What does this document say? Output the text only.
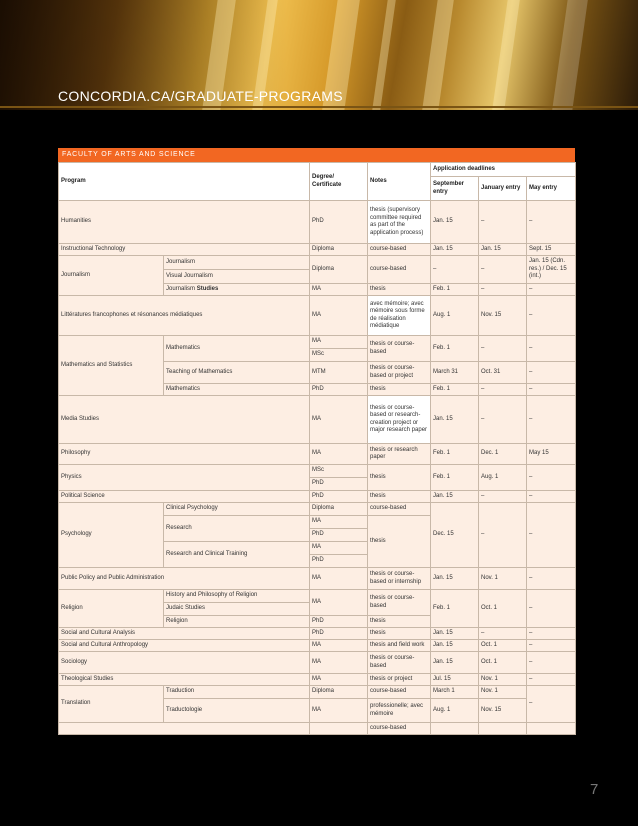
CONCORDIA.CA/GRADUATE-PROGRAMS
FACULTY OF ARTS AND SCIENCE
Program		Degree/ Certificate	Notes	Application deadlines		
				September entry	January entry	May entry
Humanities		PhD	thesis (supervisory committee required as part of the application process)	Jan. 15	–	–
Instructional Technology		Diploma	course-based	Jan. 15	Jan. 15	Sept. 15
Journalism	Journalism	Diploma	course-based	–	–	Jan. 15 (Cdn. res.) / Dec. 15 (int.)
	Visual Journalism					
	Journalism Studies	MA	thesis	Feb. 1	–	–
Littératures francophones et résonances médiatiques		MA	avec mémoire; avec mémoire sous forme de réalisation médiatique	Aug. 1	Nov. 15	–
Mathematics and Statistics	Mathematics	MA	thesis or course-based	Feb. 1	–	–
		MSc				
	Teaching of Mathematics	MTM	thesis or course-based or project	March 31	Oct. 31	–
	Mathematics	PhD	thesis	Feb. 1	–	–
Media Studies		MA	thesis or course-based or research-creation project or major research paper	Jan. 15	–	–
Philosophy		MA	thesis or research paper	Feb. 1	Dec. 1	May 15
Physics		MSc	thesis	Feb. 1	Aug. 1	–
		PhD				
Political Science		PhD	thesis	Jan. 15	–	–
Psychology	Clinical Psychology	Diploma	course-based	Dec. 15	–	–
	Research	MA	thesis			
		PhD				
	Research and Clinical Training	MA				
		PhD				
Public Policy and Public Administration		MA	thesis or course-based or internship	Jan. 15	Nov. 1	–
Religion	History and Philosophy of Religion	MA	thesis or course-based	Feb. 1	Oct. 1	–
	Judaic Studies					
	Religion	PhD	thesis			
Social and Cultural Analysis		PhD	thesis	Jan. 15	–	–
Social and Cultural Anthropology		MA	thesis and field work	Jan. 15	Oct. 1	–
Sociology		MA	thesis or course-based	Jan. 15	Oct. 1	–
Theological Studies		MA	thesis or project	Jul. 15	Nov. 1	–
Translation	Traduction	Diploma	course-based	March 1	Nov. 1	–
	Traductologie	MA	professionelle; avec mémoire	Aug. 1	Nov. 15	
			course-based			
7
